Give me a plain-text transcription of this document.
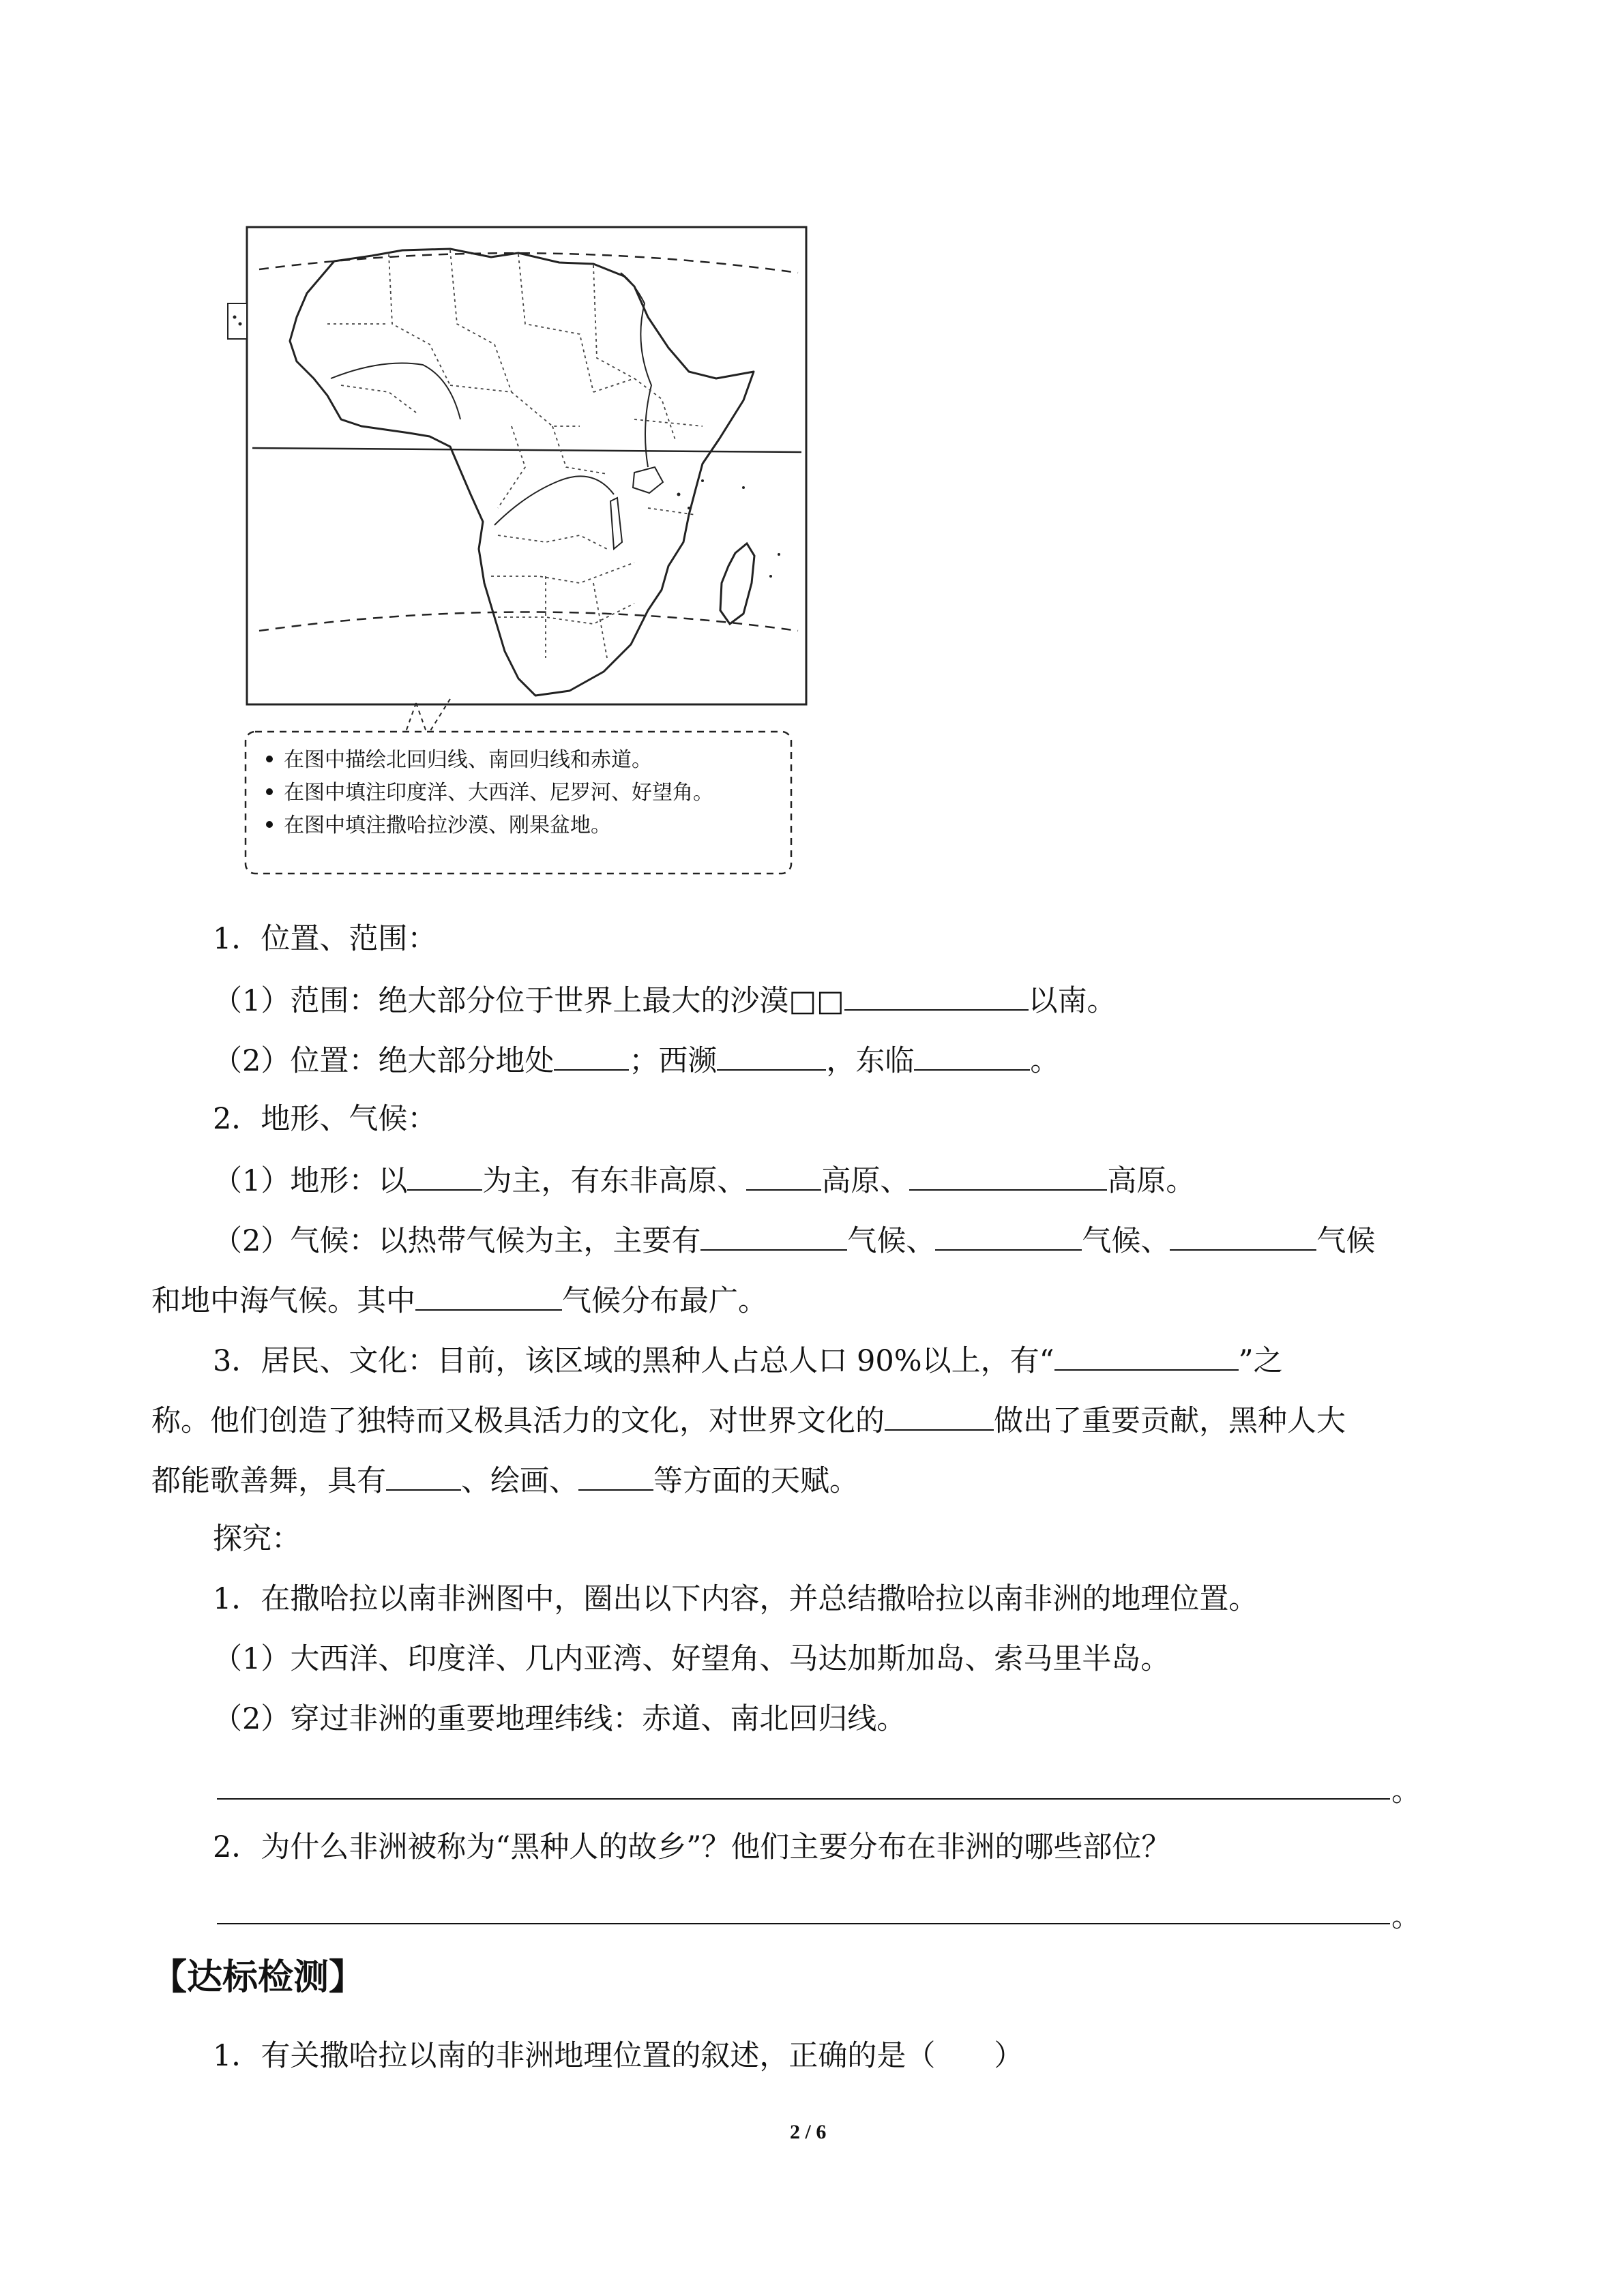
在图中描绘北回归线、南回归线和赤道。
在图中填注印度洋、大西洋、尼罗河、好望角。
在图中填注撒哈拉沙漠、刚果盆地。
1．位置、范围：
（1）范围：绝大部分位于世界上最大的沙漠□□	以南。
（2）位置：绝大部分地处	；西濒	，东临	。
2．地形、气候：
（1）地形：以	为主，有东非高原、	高原、	高原。
（2）气候：以热带气候为主，主要有	气候、	气候、	气候
和地中海气候。其中	气候分布最广。
3．居民、文化：目前，该区域的黑种人占总人口 90%以上，有“	”之
称。他们创造了独特而又极具活力的文化，对世界文化的	做出了重要贡献，黑种人大
都能歌善舞，具有	、绘画、	等方面的天赋。
探究：
1．在撒哈拉以南非洲图中，圈出以下内容，并总结撒哈拉以南非洲的地理位置。
（1）大西洋、印度洋、几内亚湾、好望角、马达加斯加岛、索马里半岛。
（2）穿过非洲的重要地理纬线：赤道、南北回归线。
。
2．为什么非洲被称为“黑种人的故乡”？他们主要分布在非洲的哪些部位？
。
【达标检测】
1．有关撒哈拉以南的非洲地理位置的叙述，正确的是（　　）
2 / 6
